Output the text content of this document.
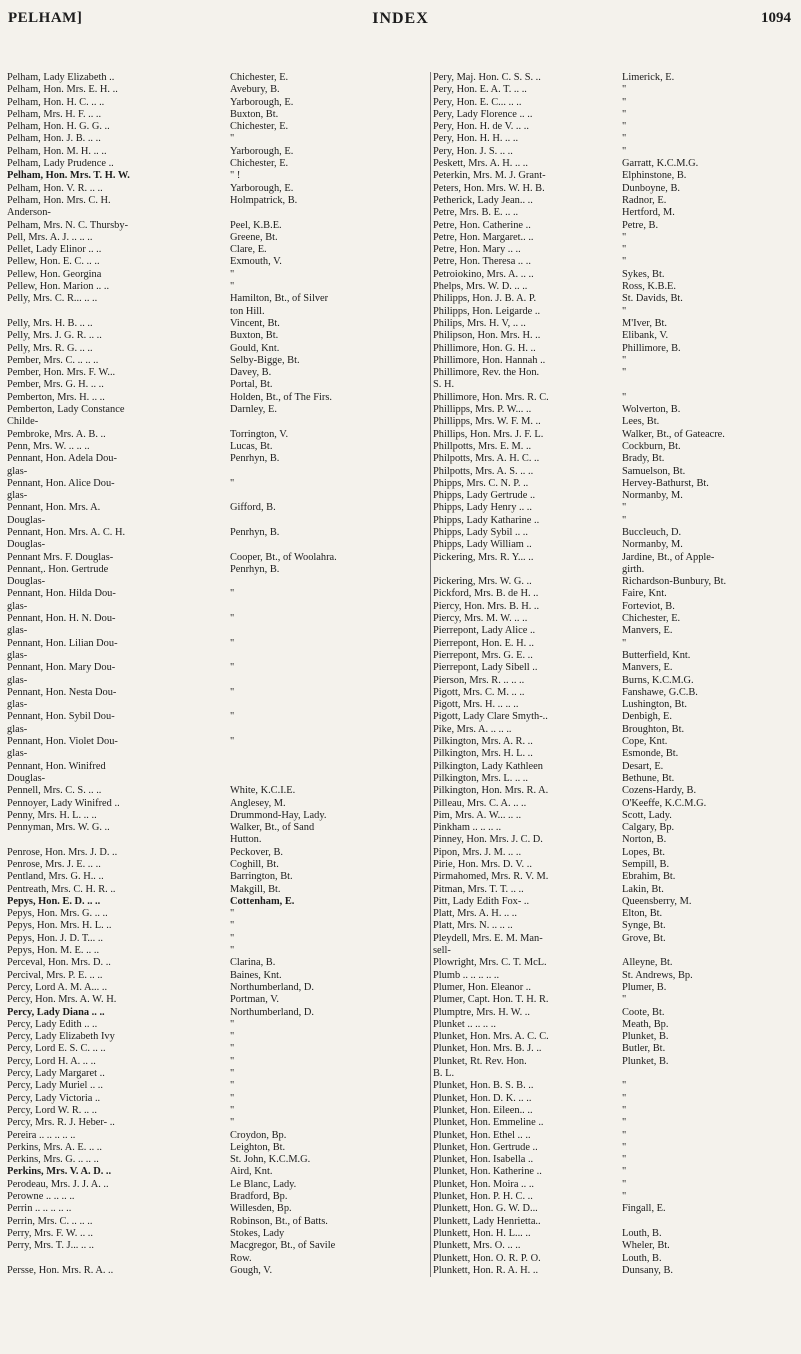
INDEX
PELHAM]	1094
Pelham, Lady Elizabeth ..
Pelham, Hon. Mrs. E. H. ..
Pelham, Hon. H. C. .. ..
Pelham, Mrs. H. F. .. ..
Pelham, Hon. H. G. G. ..
Pelham, Hon. J. B. .. ..
Pelham, Hon. M. H. .. ..
Pelham, Lady Prudence ..
Pelham, Hon. Mrs. T. H. W.
Pelham, Hon. V. R. .. ..
Pelham, Hon. Mrs. C. H.
Anderson-
Pelham, Mrs. N. C. Thursby-
Pell, Mrs. A. J. .. .. ..
Pellet, Lady Elinor .. ..
Pellew, Hon. E. C. .. ..
Pellew, Hon. Georgina
Pellew, Hon. Marion .. ..
Pelly, Mrs. C. R... .. ..
Pelly, Mrs. H. B. .. ..
Pelly, Mrs. J. G. R. .. ..
Pelly, Mrs. R. G. .. ..
Pember, Mrs. C. .. .. ..
Pember, Hon. Mrs. F. W...
Pember, Mrs. G. H. .. ..
Pemberton, Mrs. H. .. ..
Pemberton, Lady Constance
Childe-
Pembroke, Mrs. A. B. ..
Penn, Mrs. W. .. .. ..
Pennant, Hon. Adela Dou-
glas-
Pennant, Hon. Alice Dou-
glas-
Pennant, Hon. Mrs. A.
Douglas-
Pennant, Hon. Mrs. A. C. H.
Douglas-
Pennant Mrs. F. Douglas-
Pennant,. Hon. Gertrude
Douglas-
Pennant, Hon. Hilda Dou-
glas-
Pennant, Hon. H. N. Dou-
glas-
Pennant, Hon. Lilian Dou-
glas-
Pennant, Hon. Mary Dou-
glas-
Pennant, Hon. Nesta Dou-
glas-
Pennant, Hon. Sybil Dou-
glas-
Pennant, Hon. Violet Dou-
glas-
Pennant, Hon. Winifred
Douglas-
Pennell, Mrs. C. S. .. ..
Pennoyer, Lady Winifred ..
Penny, Mrs. H. L. .. ..
Pennyman, Mrs. W. G. ..
Penrose, Hon. Mrs. J. D. ..
Penrose, Mrs. J. E. .. ..
Pentland, Mrs. G. H.. ..
Pentreath, Mrs. C. H. R. ..
Pepys, Hon. E. D. .. ..
Pepys, Hon. Mrs. G. .. ..
Pepys, Hon. Mrs. H. L. ..
Pepys, Hon. J. D. T... ..
Pepys, Hon. M. E. .. ..
Perceval, Hon. Mrs. D. ..
Percival, Mrs. P. E. .. ..
Percy, Lord A. M. A... ..
Percy, Hon. Mrs. A. W. H.
Percy, Lady Diana .. ..
Percy, Lady Edith .. ..
Percy, Lady Elizabeth Ivy
Percy, Lord E. S. C. .. ..
Percy, Lord H. A. .. ..
Percy, Lady Margaret ..
Percy, Lady Muriel .. ..
Percy, Lady Victoria ..
Percy, Lord W. R. .. ..
Percy, Mrs. R. J. Heber- ..
Pereira .. .. .. .. ..
Perkins, Mrs. A. E. .. ..
Perkins, Mrs. G. .. .. ..
Perkins, Mrs. V. A. D. ..
Perodeau, Mrs. J. J. A. ..
Perowne .. .. .. ..
Perrin .. .. .. .. ..
Perrin, Mrs. C. .. .. ..
Perry, Mrs. F. W. .. ..
Perry, Mrs. T. J... .. ..
Persse, Hon. Mrs. R. A. ..
Chichester, E.
Avebury, B.
Yarborough, E.
Buxton, Bt.
Chichester, E.
"
Yarborough, E.
Chichester, E.
" !
Yarborough, E.
Holmpatrick, B.
Peel, K.B.E.
Greene, Bt.
Clare, E.
Exmouth, V.
"
"
Hamilton, Bt., of Silver
ton Hill.
Vincent, Bt.
Buxton, Bt.
Gould, Knt.
Selby-Bigge, Bt.
Davey, B.
Portal, Bt.
Holden, Bt., of The Firs.
Darnley, E.
Torrington, V.
Lucas, Bt.
Penrhyn, B.
"
Gifford, B.
Penrhyn, B.
Cooper, Bt., of Woolahra.
Penrhyn, B.
"
"
"
"
"
"
"
White, K.C.I.E.
Anglesey, M.
Drummond-Hay, Lady.
Walker, Bt., of Sand
Hutton.
Peckover, B.
Coghill, Bt.
Barrington, Bt.
Makgill, Bt.
Cottenham, E.
"
"
"
"
Clarina, B.
Baines, Knt.
Northumberland, D.
Portman, V.
Northumberland, D.
"
"
"
"
"
"
"
"
"
Croydon, Bp.
Leighton, Bt.
St. John, K.C.M.G.
Aird, Knt.
Le Blanc, Lady.
Bradford, Bp.
Willesden, Bp.
Robinson, Bt., of Batts.
Stokes, Lady
Macgregor, Bt., of Savile
Row.
Gough, V.
Pery, Maj. Hon. C. S. S. ..
Pery, Hon. E. A. T. .. ..
Pery, Hon. E. C... .. ..
Pery, Lady Florence .. ..
Pery, Hon. H. de V. .. ..
Pery, Hon. H. H. .. ..
Pery, Hon. J. S. .. ..
Peskett, Mrs. A. H. .. ..
Peterkin, Mrs. M. J. Grant-
Peters, Hon. Mrs. W. H. B.
Petherick, Lady Jean.. ..
Petre, Mrs. B. E. .. ..
Petre, Hon. Catherine ..
Petre, Hon. Margaret.. ..
Petre, Hon. Mary .. ..
Petre, Hon. Theresa .. ..
Petroiokino, Mrs. A. .. ..
Phelps, Mrs. W. D. .. ..
Philipps, Hon. J. B. A. P.
Philipps, Hon. Leigarde ..
Philips, Mrs. H. V, .. ..
Philipson, Hon. Mrs. H. ..
Phillimore, Hon. G. H. ..
Phillimore, Hon. Hannah ..
Phillimore, Rev. the Hon.
S. H.
Phillimore, Hon. Mrs. R. C.
Phillipps, Mrs. P. W... ..
Phillipps, Mrs. W. F. M. ..
Phillips, Hon. Mrs. J. F. L.
Phillpotts, Mrs. E. M. ..
Philpotts, Mrs. A. H. C. ..
Philpotts, Mrs. A. S. .. ..
Phipps, Mrs. C. N. P. ..
Phipps, Lady Gertrude ..
Phipps, Lady Henry .. ..
Phipps, Lady Katharine ..
Phipps, Lady Sybil .. ..
Phipps, Lady William ..
Pickering, Mrs. R. Y... ..
Pickering, Mrs. W. G. ..
Pickford, Mrs. B. de H. ..
Piercy, Hon. Mrs. B. H. ..
Piercy, Mrs. M. W. .. ..
Pierrepont, Lady Alice ..
Pierrepont, Hon. E. H. ..
Pierrepont, Mrs. G. E. ..
Pierrepont, Lady Sibell ..
Pierson, Mrs. R. .. .. ..
Pigott, Mrs. C. M. .. ..
Pigott, Mrs. H. .. .. ..
Pigott, Lady Clare Smyth-..
Pike, Mrs. A. .. .. ..
Pilkington, Mrs. A. R. ..
Pilkington, Mrs. H. L. ..
Pilkington, Lady Kathleen
Pilkington, Mrs. L. .. ..
Pilkington, Hon. Mrs. R. A.
Pilleau, Mrs. C. A. .. ..
Pim, Mrs. A. W... .. ..
Pinkham .. .. .. ..
Pinney, Hon. Mrs. J. C. D.
Pipon, Mrs. J. M. .. ..
Pirie, Hon. Mrs. D. V. ..
Pirmahomed, Mrs. R. V. M.
Pitman, Mrs. T. T. .. ..
Pitt, Lady Edith Fox- ..
Platt, Mrs. A. H. .. ..
Platt, Mrs. N. .. .. ..
Pleydell, Mrs. E. M. Man-
sell-
Plowright, Mrs. C. T. McL.
Plumb .. .. .. .. ..
Plumer, Hon. Eleanor ..
Plumer, Capt. Hon. T. H. R.
Plumptre, Mrs. H. W. ..
Plunket .. .. .. ..
Plunket, Hon. Mrs. A. C. C.
Plunket, Hon. Mrs. B. J. ..
Plunket, Rt. Rev. Hon.
B. L.
Plunket, Hon. B. S. B. ..
Plunket, Hon. D. K. .. ..
Plunket, Hon. Eileen.. ..
Plunket, Hon. Emmeline ..
Plunket, Hon. Ethel .. ..
Plunket, Hon. Gertrude ..
Plunket, Hon. Isabella ..
Plunket, Hon. Katherine ..
Plunket, Hon. Moira .. ..
Plunket, Hon. P. H. C. ..
Plunkett, Hon. G. W. D...
Plunkett, Lady Henrietta..
Plunkett, Hon. H. L... ..
Plunkett, Mrs. O. .. ..
Plunkett, Hon. O. R. P. O.
Plunkett, Hon. R. A. H. ..
Limerick, E.
"
"
"
"
"
"
Garratt, K.C.M.G.
Elphinstone, B.
Dunboyne, B.
Radnor, E.
Hertford, M.
Petre, B.
"
"
"
Sykes, Bt.
Ross, K.B.E.
St. Davids, Bt.
"
M'Iver, Bt.
Elibank, V.
Phillimore, B.
"
"
"
Wolverton, B.
Lees, Bt.
Walker, Bt., of Gateacre.
Cockburn, Bt.
Brady, Bt.
Samuelson, Bt.
Hervey-Bathurst, Bt.
Normanby, M.
"
"
Buccleuch, D.
Normanby, M.
Jardine, Bt., of Apple-
girth.
Richardson-Bunbury, Bt.
Faire, Knt.
Forteviot, B.
Chichester, E.
Manvers, E.
"
Butterfield, Knt.
Manvers, E.
Burns, K.C.M.G.
Fanshawe, G.C.B.
Lushington, Bt.
Denbigh, E.
Broughton, Bt.
Cope, Knt.
Esmonde, Bt.
Desart, E.
Bethune, Bt.
Cozens-Hardy, B.
O'Keeffe, K.C.M.G.
Scott, Lady.
Calgary, Bp.
Norton, B.
Lopes, Bt.
Sempill, B.
Ebrahim, Bt.
Lakin, Bt.
Queensberry, M.
Elton, Bt.
Synge, Bt.
Grove, Bt.
Alleyne, Bt.
St. Andrews, Bp.
Plumer, B.
"
Coote, Bt.
Meath, Bp.
Plunket, B.
Butler, Bt.
Plunket, B.
"
"
"
"
"
"
"
"
"
"
Fingall, E.
Louth, B.
Wheler, Bt.
Louth, B.
Dunsany, B.
